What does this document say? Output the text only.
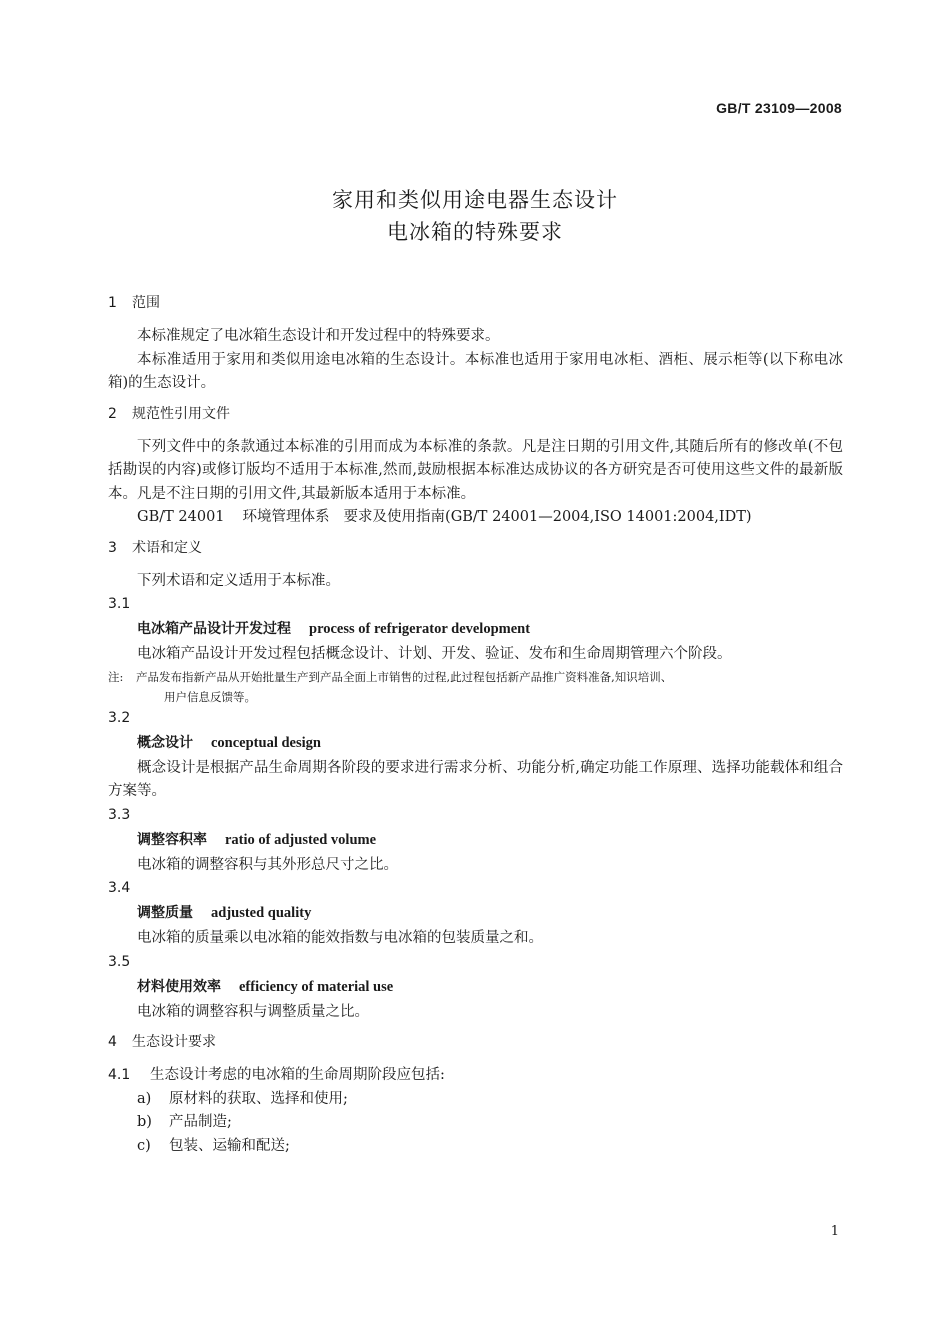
GB/T 23109—2008
家用和类似用途电器生态设计
电冰箱的特殊要求
1 范围

本标准规定了电冰箱生态设计和开发过程中的特殊要求。

本标准适用于家用和类似用途电冰箱的生态设计。本标准也适用于家用电冰柜、酒柜、展示柜等(以下称电冰箱)的生态设计。

2 规范性引用文件

下列文件中的条款通过本标准的引用而成为本标准的条款。凡是注日期的引用文件,其随后所有的修改单(不包括勘误的内容)或修订版均不适用于本标准,然而,鼓励根据本标准达成协议的各方研究是否可使用这些文件的最新版本。凡是不注日期的引用文件,其最新版本适用于本标准。

GB/T 24001 环境管理体系 要求及使用指南(GB/T 24001—2004,ISO 14001:2004,IDT)

3 术语和定义

下列术语和定义适用于本标准。

3.1

电冰箱产品设计开发过程 process of refrigerator development

电冰箱产品设计开发过程包括概念设计、计划、开发、验证、发布和生命周期管理六个阶段。

注: 产品发布指新产品从开始批量生产到产品全面上市销售的过程,此过程包括新产品推广资料准备,知识培训、

用户信息反馈等。

3.2

概念设计 conceptual design

概念设计是根据产品生命周期各阶段的要求进行需求分析、功能分析,确定功能工作原理、选择功能载体和组合方案等。

3.3

调整容积率 ratio of adjusted volume

电冰箱的调整容积与其外形总尺寸之比。

3.4

调整质量 adjusted quality

电冰箱的质量乘以电冰箱的能效指数与电冰箱的包装质量之和。

3.5

材料使用效率 efficiency of material use

电冰箱的调整容积与调整质量之比。

4 生态设计要求

4.1 生态设计考虑的电冰箱的生命周期阶段应包括:

a) 原材料的获取、选择和使用;

b) 产品制造;

c) 包装、运输和配送;

1
